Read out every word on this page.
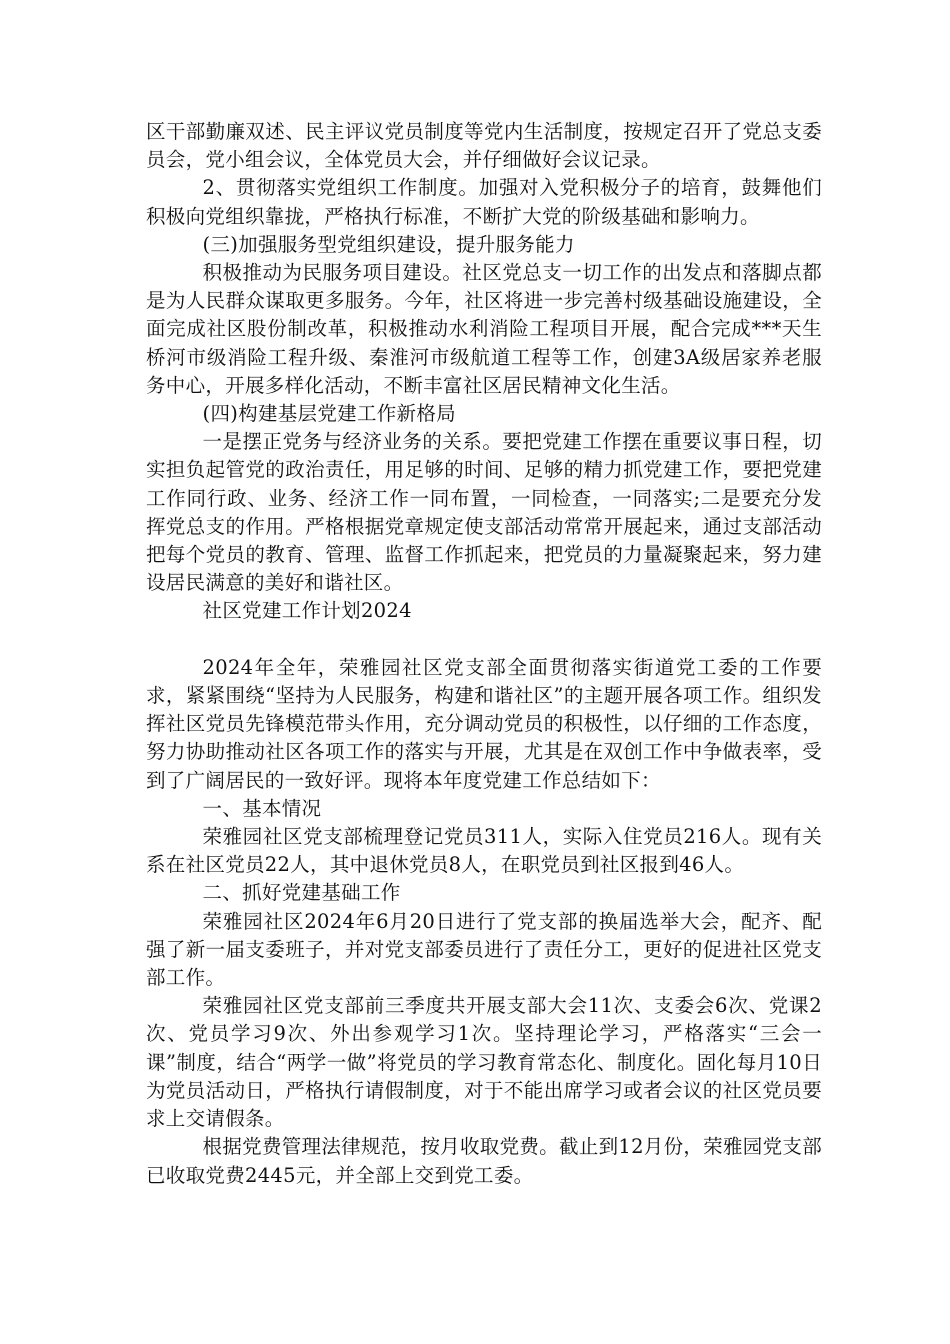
区干部勤廉双述、民主评议党员制度等党内生活制度，按规定召开了党总支委员会，党小组会议，全体党员大会，并仔细做好会议记录。

2、贯彻落实党组织工作制度。加强对入党积极分子的培育，鼓舞他们积极向党组织靠拢，严格执行标准，不断扩大党的阶级基础和影响力。

(三)加强服务型党组织建设，提升服务能力

积极推动为民服务项目建设。社区党总支一切工作的出发点和落脚点都是为人民群众谋取更多服务。今年，社区将进一步完善村级基础设施建设，全面完成社区股份制改革，积极推动水利消险工程项目开展，配合完成***天生桥河市级消险工程升级、秦淮河市级航道工程等工作，创建3A级居家养老服务中心，开展多样化活动，不断丰富社区居民精神文化生活。

(四)构建基层党建工作新格局

一是摆正党务与经济业务的关系。要把党建工作摆在重要议事日程，切实担负起管党的政治责任，用足够的时间、足够的精力抓党建工作，要把党建工作同行政、业务、经济工作一同布置，一同检查，一同落实;二是要充分发挥党总支的作用。严格根据党章规定使支部活动常常开展起来，通过支部活动把每个党员的教育、管理、监督工作抓起来，把党员的力量凝聚起来，努力建设居民满意的美好和谐社区。

社区党建工作计划2024

2024年全年，荣雅园社区党支部全面贯彻落实街道党工委的工作要求，紧紧围绕“坚持为人民服务，构建和谐社区”的主题开展各项工作。组织发挥社区党员先锋模范带头作用，充分调动党员的积极性，以仔细的工作态度，努力协助推动社区各项工作的落实与开展，尤其是在双创工作中争做表率，受到了广阔居民的一致好评。现将本年度党建工作总结如下：

一、基本情况

荣雅园社区党支部梳理登记党员311人，实际入住党员216人。现有关系在社区党员22人，其中退休党员8人，在职党员到社区报到46人。

二、抓好党建基础工作

荣雅园社区2024年6月20日进行了党支部的换届选举大会，配齐、配强了新一届支委班子，并对党支部委员进行了责任分工，更好的促进社区党支部工作。

荣雅园社区党支部前三季度共开展支部大会11次、支委会6次、党课2次、党员学习9次、外出参观学习1次。坚持理论学习，严格落实“三会一课”制度，结合“两学一做”将党员的学习教育常态化、制度化。固化每月10日为党员活动日，严格执行请假制度，对于不能出席学习或者会议的社区党员要求上交请假条。

根据党费管理法律规范，按月收取党费。截止到12月份，荣雅园党支部已收取党费2445元，并全部上交到党工委。
